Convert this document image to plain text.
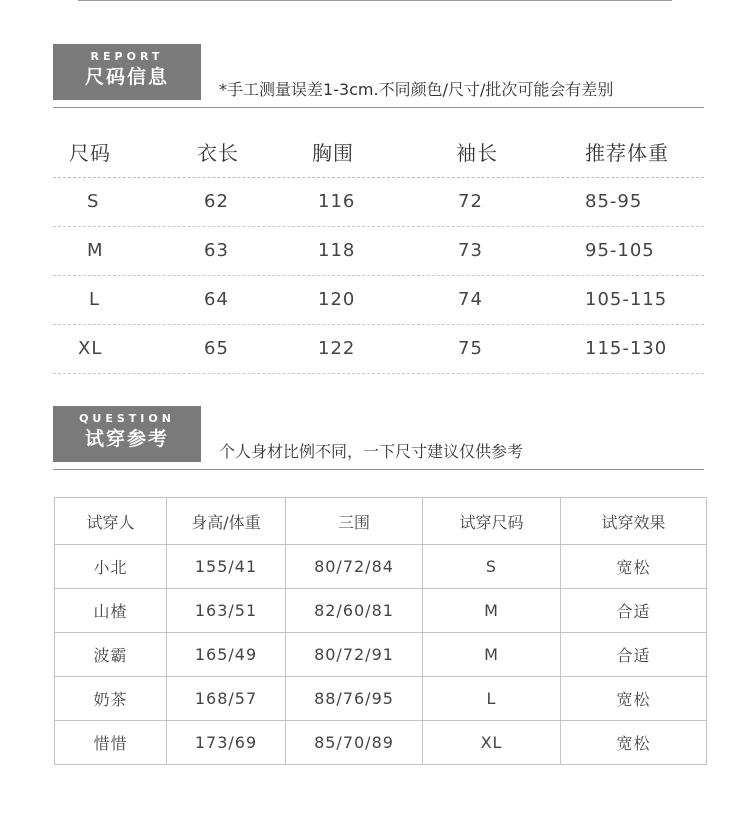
REPORT
尺码信息
*手工测量误差1-3cm.不同颜色/尺寸/批次可能会有差别
尺码	衣长	胸围	袖长	推荐体重
S	62	116	72	85-95
M	63	118	73	95-105
L	64	120	74	105-115
XL	65	122	75	115-130
QUESTION
试穿参考
个人身材比例不同，一下尺寸建议仅供参考
试穿人	身高/体重	三围	试穿尺码	试穿效果
小北	155/41	80/72/84	S	宽松
山楂	163/51	82/60/81	M	合适
波霸	165/49	80/72/91	M	合适
奶茶	168/57	88/76/95	L	宽松
惜惜	173/69	85/70/89	XL	宽松
